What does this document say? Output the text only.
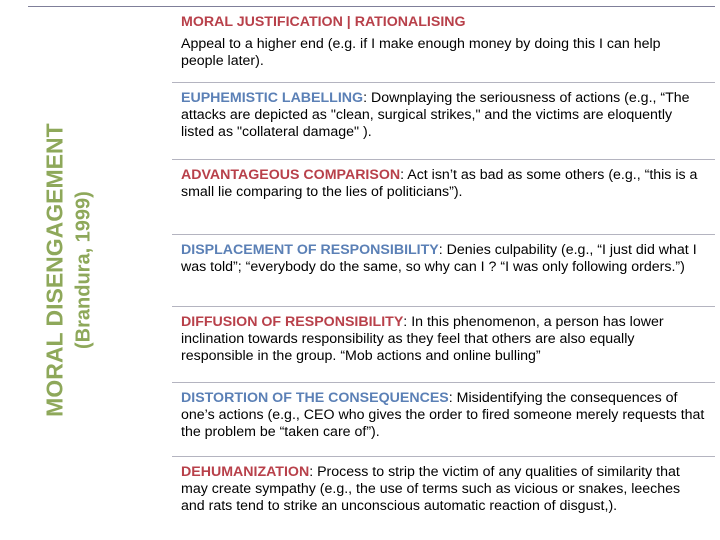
MORAL DISENGAGEMENT (Brandura, 1999)

MORAL JUSTIFICATION | RATIONALISING
Appeal to a higher end (e.g. if I make enough money by doing this I can help people later).

EUPHEMISTIC LABELLING: Downplaying the seriousness of actions (e.g., “The attacks are depicted as "clean, surgical strikes," and the victims are eloquently listed as "collateral damage" ).

ADVANTAGEOUS COMPARISON: Act isn’t as bad as some others (e.g., “this is a small lie comparing to the lies of politicians”).

DISPLACEMENT OF RESPONSIBILITY: Denies culpability (e.g., “I just did what I was told”; “everybody do the same, so why can I ? “I was only following orders.”)

DIFFUSION OF RESPONSIBILITY: In this phenomenon, a person has lower inclination towards responsibility as they feel that others are also equally responsible in the group. “Mob actions and online bulling”

DISTORTION OF THE CONSEQUENCES: Misidentifying the consequences of one’s actions (e.g., CEO who gives the order to fired someone merely requests that the problem be “taken care of”).

DEHUMANIZATION: Process to strip the victim of any qualities of similarity that may create sympathy (e.g., the use of terms such as vicious or snakes, leeches and rats tend to strike an unconscious automatic reaction of disgust,).
